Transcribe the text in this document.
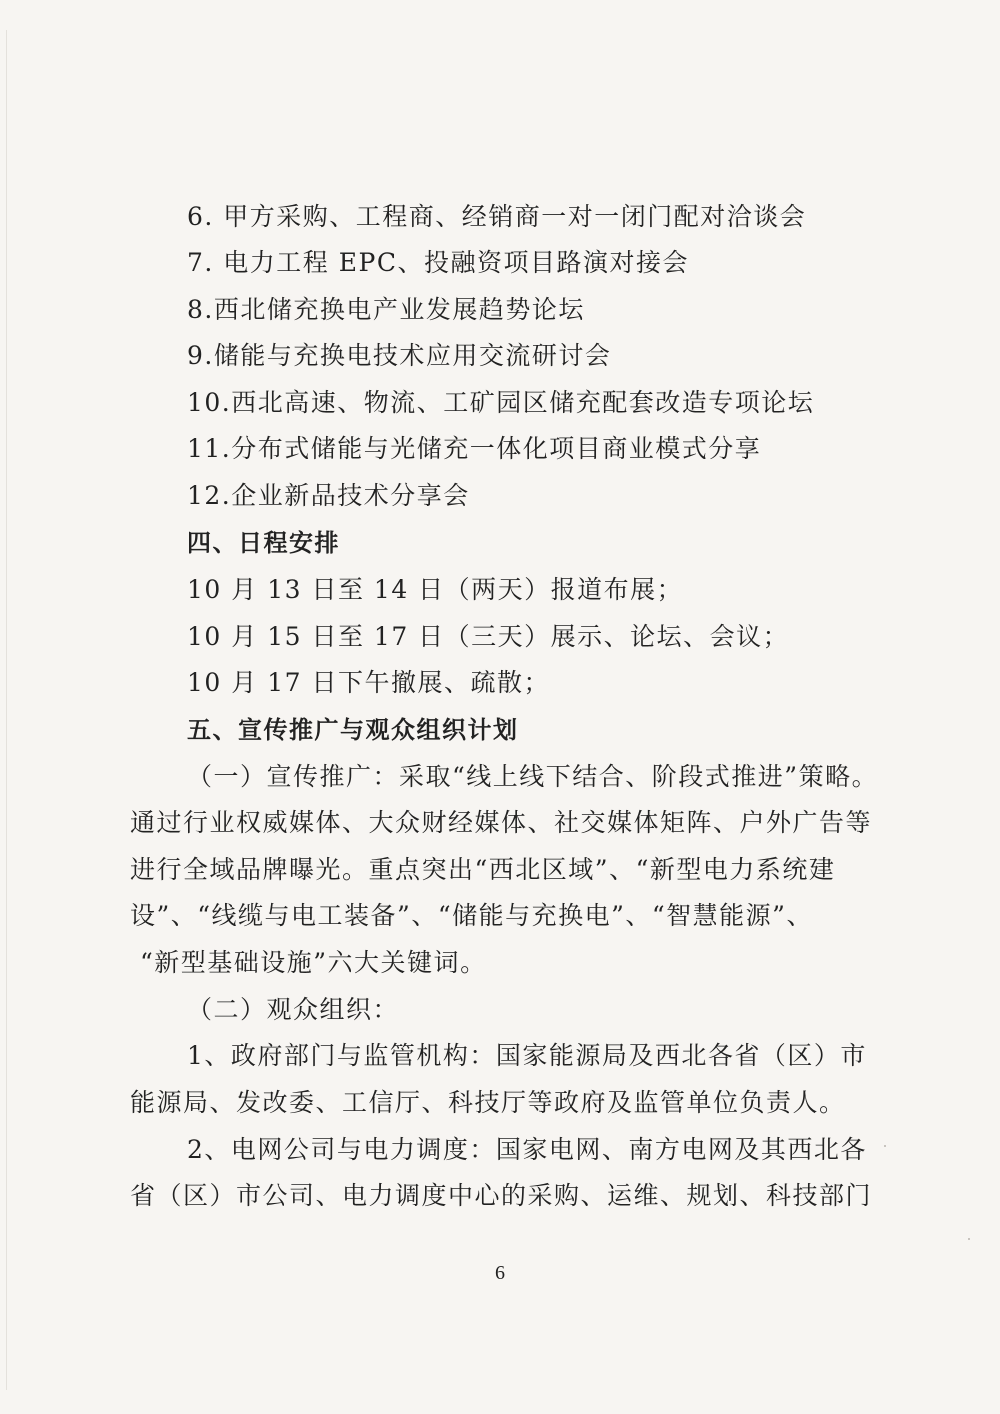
6. 甲方采购、工程商、经销商一对一闭门配对洽谈会
7. 电力工程 EPC、投融资项目路演对接会
8.西北储充换电产业发展趋势论坛
9.储能与充换电技术应用交流研讨会
10.西北高速、物流、工矿园区储充配套改造专项论坛
11.分布式储能与光储充一体化项目商业模式分享
12.企业新品技术分享会
四、日程安排
10 月 13 日至 14 日（两天）报道布展；
10 月 15 日至 17 日（三天）展示、论坛、会议；
10 月 17 日下午撤展、疏散；
五、宣传推广与观众组织计划
（一）宣传推广：采取“线上线下结合、阶段式推进”策略。
通过行业权威媒体、大众财经媒体、社交媒体矩阵、户外广告等
进行全域品牌曝光。重点突出“西北区域”、“新型电力系统建
设”、“线缆与电工装备”、“储能与充换电”、“智慧能源”、
“新型基础设施”六大关键词。
（二）观众组织：
1、政府部门与监管机构：国家能源局及西北各省（区）市
能源局、发改委、工信厅、科技厅等政府及监管单位负责人。
2、电网公司与电力调度：国家电网、南方电网及其西北各
省（区）市公司、电力调度中心的采购、运维、规划、科技部门
6
